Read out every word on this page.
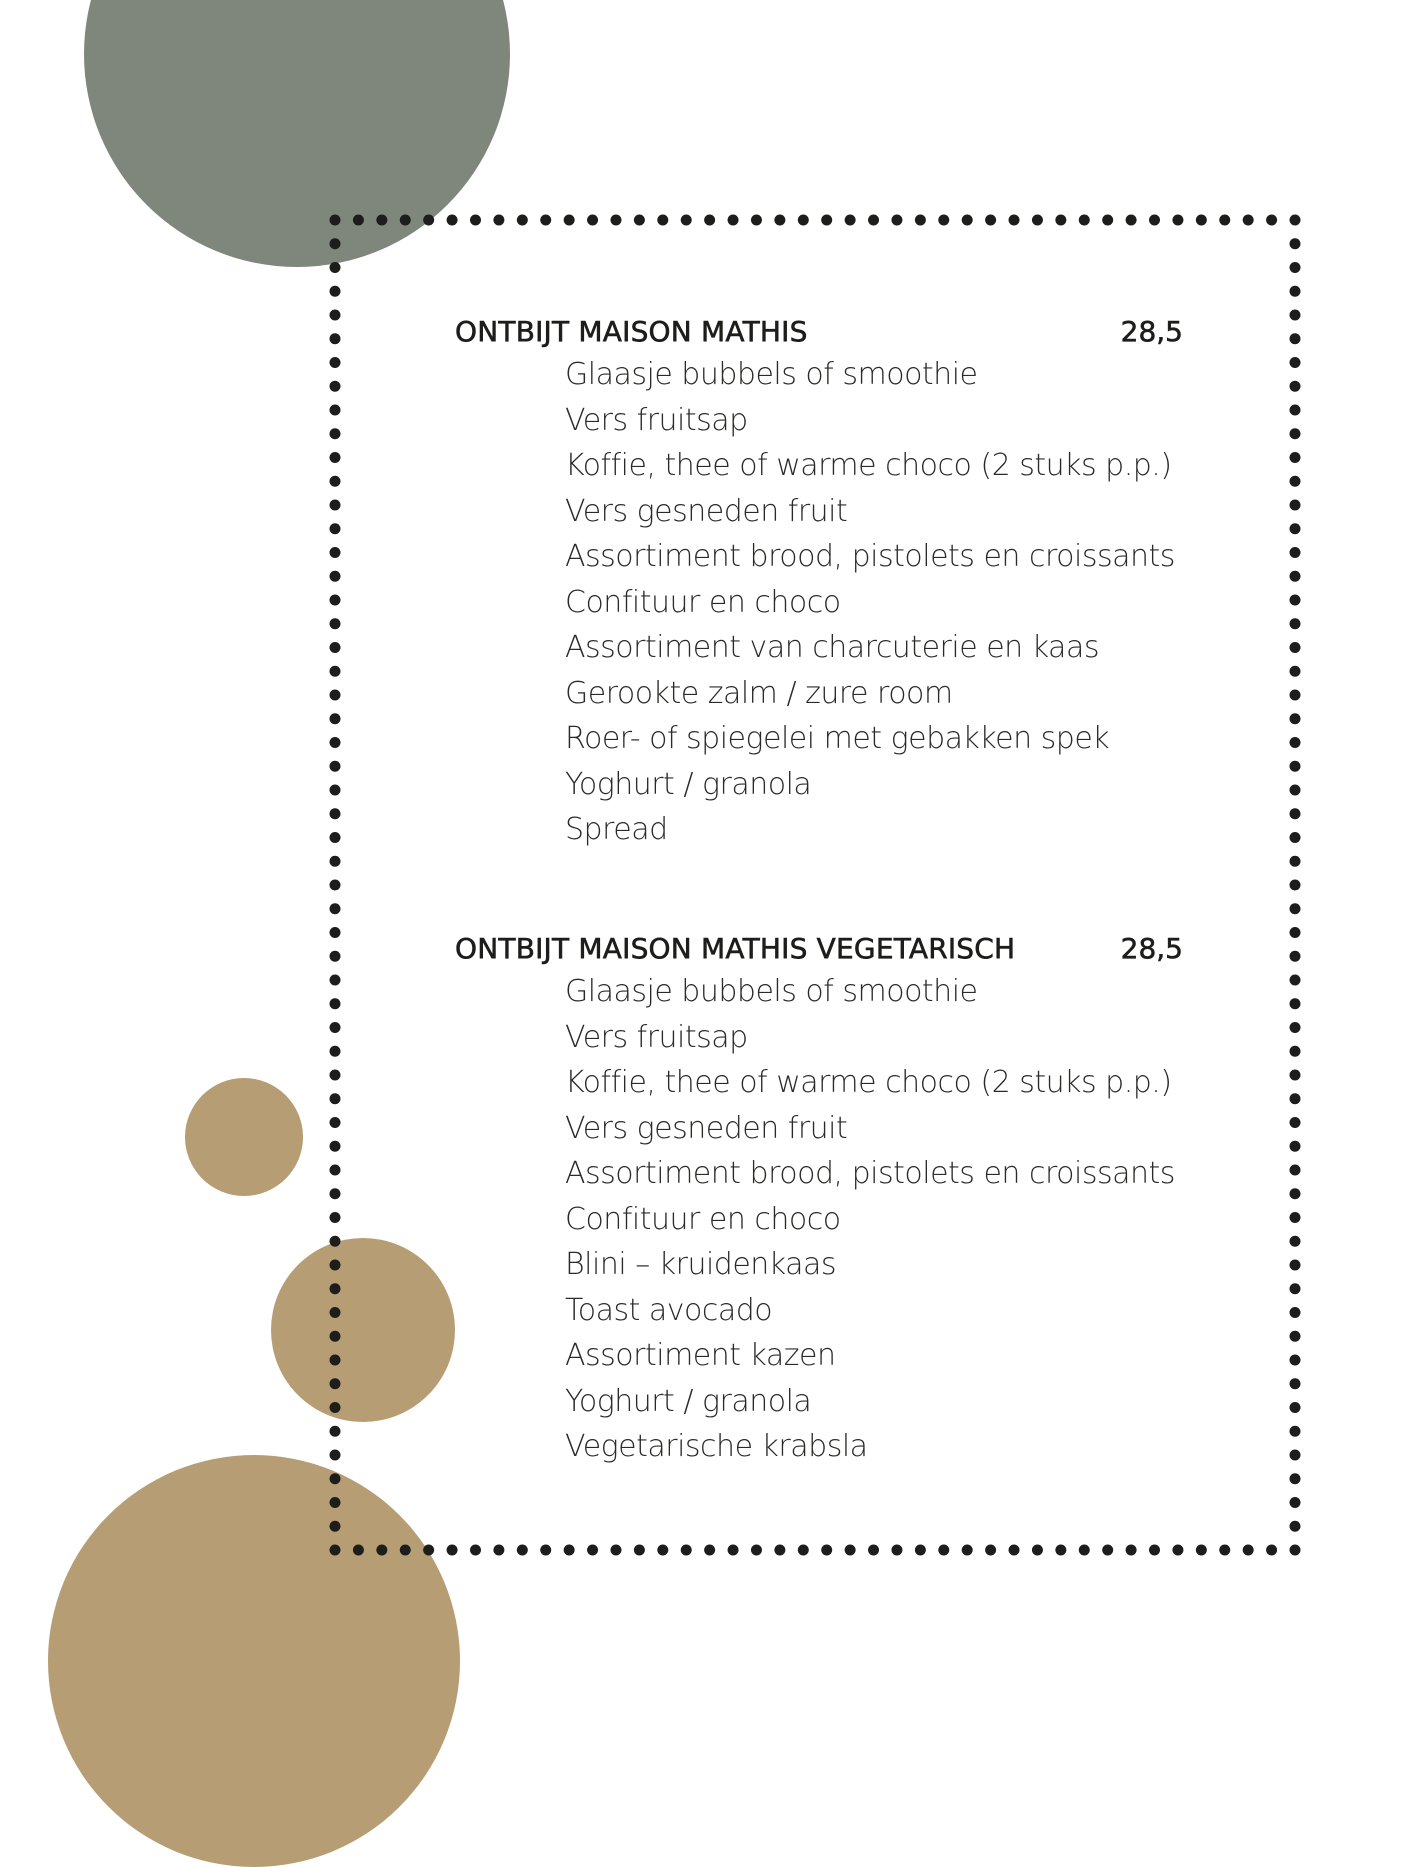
ONTBIJT MAISON MATHIS	28,5
Glaasje bubbels of smoothie
Vers fruitsap
Koffie, thee of warme choco (2 stuks p.p.)
Vers gesneden fruit
Assortiment brood, pistolets en croissants
Confituur en choco
Assortiment van charcuterie en kaas
Gerookte zalm / zure room
Roer- of spiegelei met gebakken spek
Yoghurt / granola
Spread
ONTBIJT MAISON MATHIS VEGETARISCH	28,5
Glaasje bubbels of smoothie
Vers fruitsap
Koffie, thee of warme choco (2 stuks p.p.)
Vers gesneden fruit
Assortiment brood, pistolets en croissants
Confituur en choco
Blini – kruidenkaas
Toast avocado
Assortiment kazen
Yoghurt / granola
Vegetarische krabsla
